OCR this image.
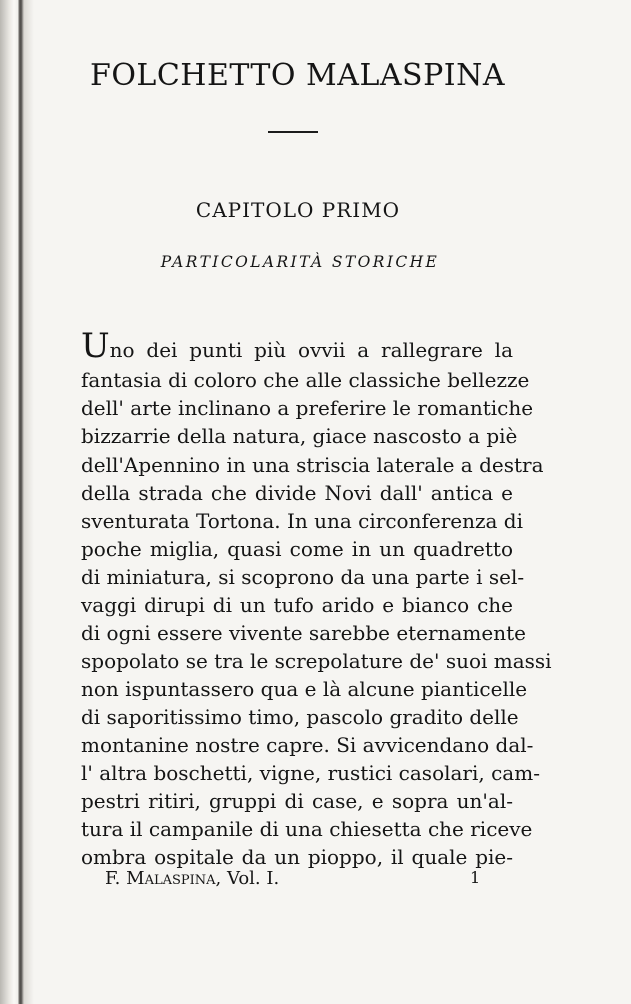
FOLCHETTO MALASPINA
CAPITOLO PRIMO
PARTICOLARITÀ STORICHE
Uno dei punti più ovvii a rallegrare la
fantasia di coloro che alle classiche bellezze
dell' arte inclinano a preferire le romantiche
bizzarrie della natura, giace nascosto a piè
dell'Apennino in una striscia laterale a destra
della strada che divide Novi dall' antica e
sventurata Tortona. In una circonferenza di
poche miglia, quasi come in un quadretto
di miniatura, si scoprono da una parte i sel-
vaggi dirupi di un tufo arido e bianco che
di ogni essere vivente sarebbe eternamente
spopolato se tra le screpolature de' suoi massi
non ispuntassero qua e là alcune pianticelle
di saporitissimo timo, pascolo gradito delle
montanine nostre capre. Si avvicendano dal-
l' altra boschetti, vigne, rustici casolari, cam-
pestri ritiri, gruppi di case, e sopra un'al-
tura il campanile di una chiesetta che riceve
ombra ospitale da un pioppo, il quale pie-
F. Malaspina, Vol. I.	1
